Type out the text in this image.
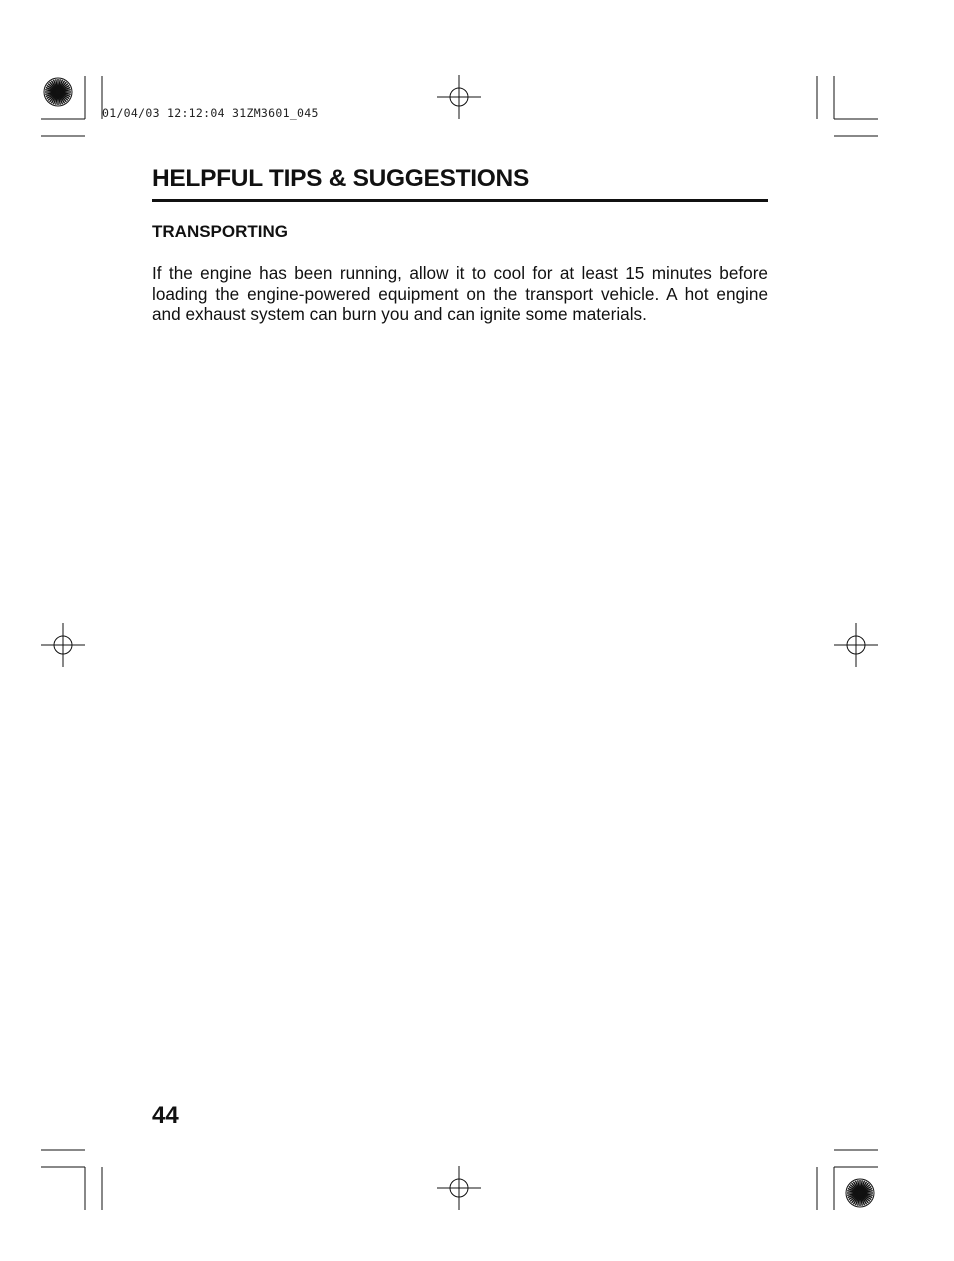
01/04/03 12:12:04 31ZM3601_045
HELPFUL TIPS & SUGGESTIONS
TRANSPORTING
If the engine has been running, allow it to cool for at least 15 minutes before loading the engine-powered equipment on the transport vehicle. A hot engine and exhaust system can burn you and can ignite some materials.
44
